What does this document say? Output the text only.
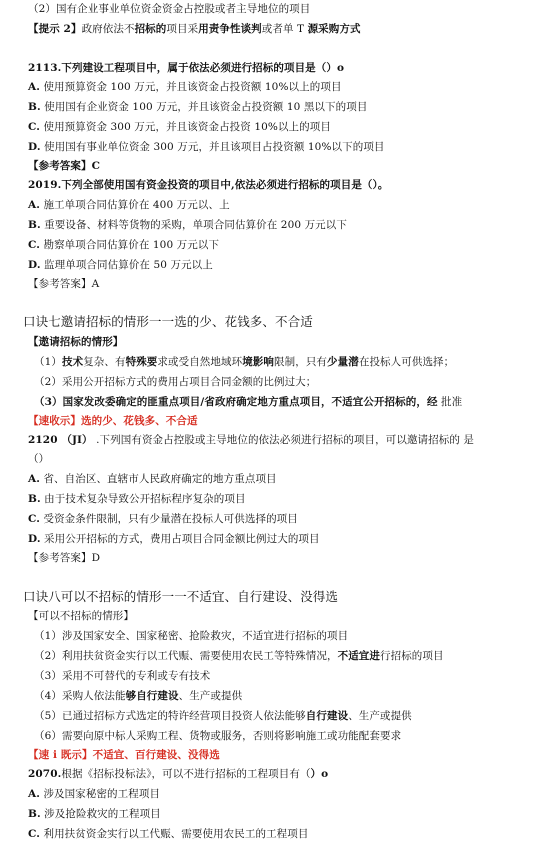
（2）国有企业事业单位资金资金占控股或者主导地位的项目
【提示 2】政府依法不招标的项目采用责争性谈判或者单 T 源采购方式
2113.下列建设工程项目中，属于依法必须进行招标的项目是（）o
A. 使用预算资金 100 万元，并且该资金占投资额 10%以上的项目
B. 使用国有企业资金 100 万元，并且该资金占投资额 10 黑以下的项目
C. 使用预算资金 300 万元，并且该资金占投资 10%以上的项目
D. 使用国有事业单位资金 300 万元，并且该项目占投资额 10%以下的项目
【参考答案】C
2019.下列全部使用国有资金投资的项目中,依法必须进行招标的项目是（）。
A. 施工单项合同估算价在 400 万元以、上
B. 重要设备、材料等货物的采购，单项合同估算价在 200 万元以下
C. 勘察单项合同估算价在 100 万元以下
D. 监理单项合同估算价在 50 万元以上
【参考答案】A
口诀七邀请招标的情形一一选的少、花钱多、不合适
【遨请招标的情形】
（1）技术复杂、有特殊要求或受自然地域环境影响限制，只有少量潜在投标人可供选择；
（2）采用公开招标方式的费用占项目合同金额的比例过大；
（3）国家发改委确定的匪重点项目/省政府确定地方重点项目，不适宜公开招标的，经 批准
【速收示】选的少、花钱多、不合适
2120 （JI） .下列国有资金占控股或主导地位的依法必须进行招标的项目，可以邀请招标的 是
（）
A. 省、自治区、直辖市人民政府确定的地方重点项目
B. 由于技术复杂导致公开招标程序复杂的项目
C. 受资金条件限制，只有少量潜在投标人可供选择的项目
D. 采用公开招标的方式，费用占项目合同金额比例过大的项目
【参考答案】D
口诀八可以不招标的情形一一不适宜、自行建设、没得选
【可以不招标的情形】
（1）涉及国家安全、国家秘密、抢险救灾，不适宜进行招标的项目
（2）利用扶贫资金实行以工代赈、需要使用农民工等特殊情况，不适宜进行招标的项目
（3）采用不可替代的专利或专有技术
（4）采购人依法能够自行建设、生产或提供
（5）已通过招标方式选定的特许经营项目投资人依法能够自行建设、生产或提供
（6）需要向原中标人采购工程、货物或服务，否则将影响施工或功能配套要求
【速 i 既示】不适宜、百行建设、没得选
2070.根据《招标投标法》，可以不进行招标的工程项目有（）o
A. 涉及国家秘密的工程项目
B. 涉及抢险救灾的工程项目
C. 利用扶贫资金实行以工代赈、需要使用农民工的工程项目
